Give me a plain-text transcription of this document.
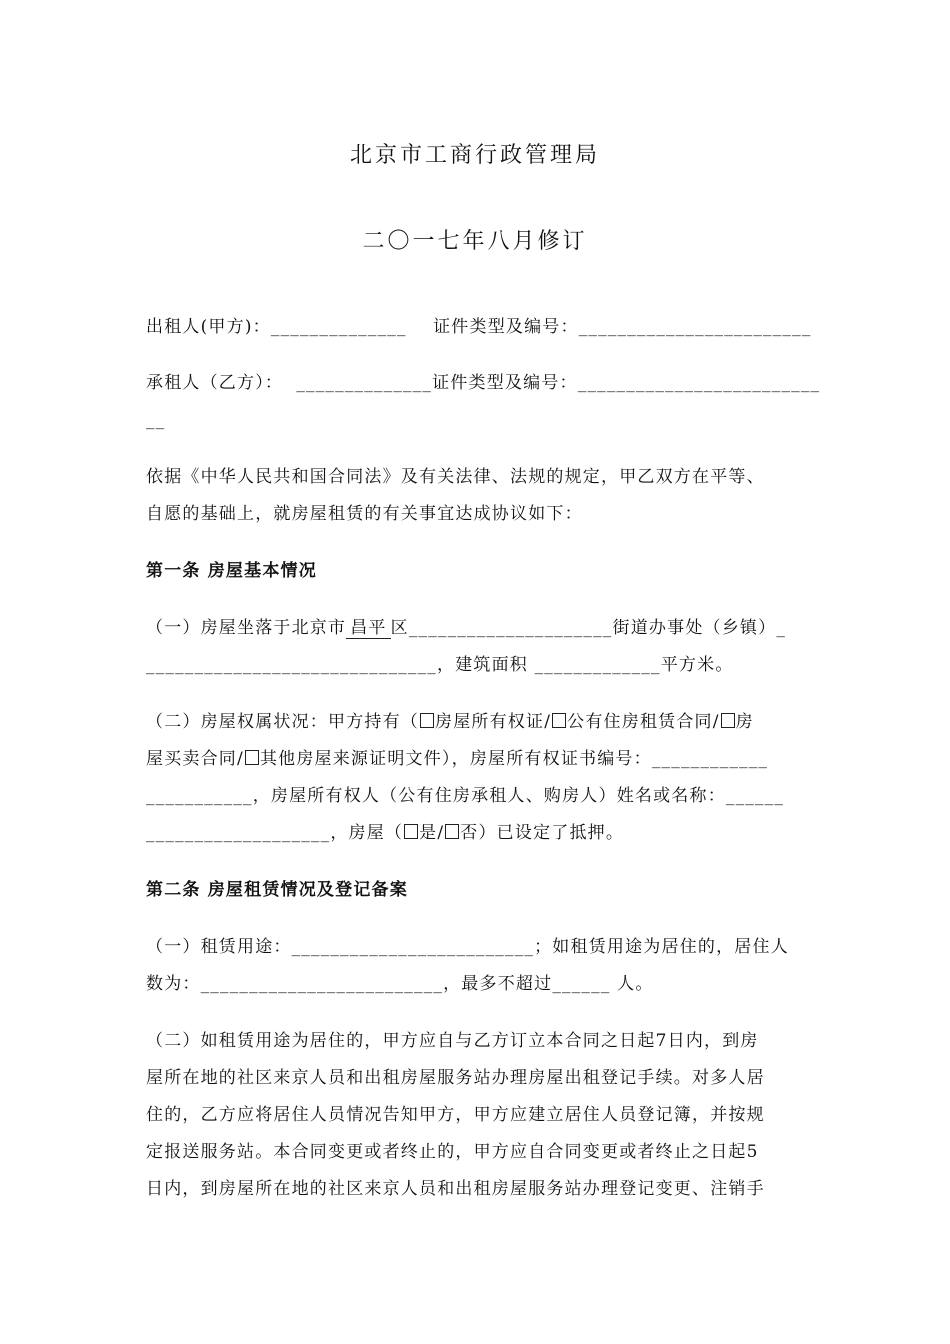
北京市工商行政管理局
二〇一七年八月修订
出租人(甲方)：______________ 证件类型及编号：________________________
承租人（乙方）： ______________证件类型及编号：_________________________
__
依据《中华人民共和国合同法》及有关法律、法规的规定，甲乙双方在平等、
自愿的基础上，就房屋租赁的有关事宜达成协议如下：
第一条 房屋基本情况
（一）房屋坐落于北京市 昌平 区_____________________街道办事处（乡镇）_
______________________________，建筑面积 _____________平方米。
（二）房屋权属状况：甲方持有（ 房屋所有权证/ 公有住房租赁合同/ 房
屋买卖合同/ 其他房屋来源证明文件），房屋所有权证书编号：____________
___________，房屋所有权人（公有住房承租人、购房人）姓名或名称：______
___________________，房屋（ 是/ 否）已设定了抵押。
第二条 房屋租赁情况及登记备案
（一）租赁用途：_________________________；如租赁用途为居住的，居住人
数为：_________________________，最多不超过______ 人。
（二）如租赁用途为居住的，甲方应自与乙方订立本合同之日起7日内，到房
屋所在地的社区来京人员和出租房屋服务站办理房屋出租登记手续。对多人居
住的，乙方应将居住人员情况告知甲方，甲方应建立居住人员登记簿，并按规
定报送服务站。本合同变更或者终止的，甲方应自合同变更或者终止之日起5
日内，到房屋所在地的社区来京人员和出租房屋服务站办理登记变更、注销手
